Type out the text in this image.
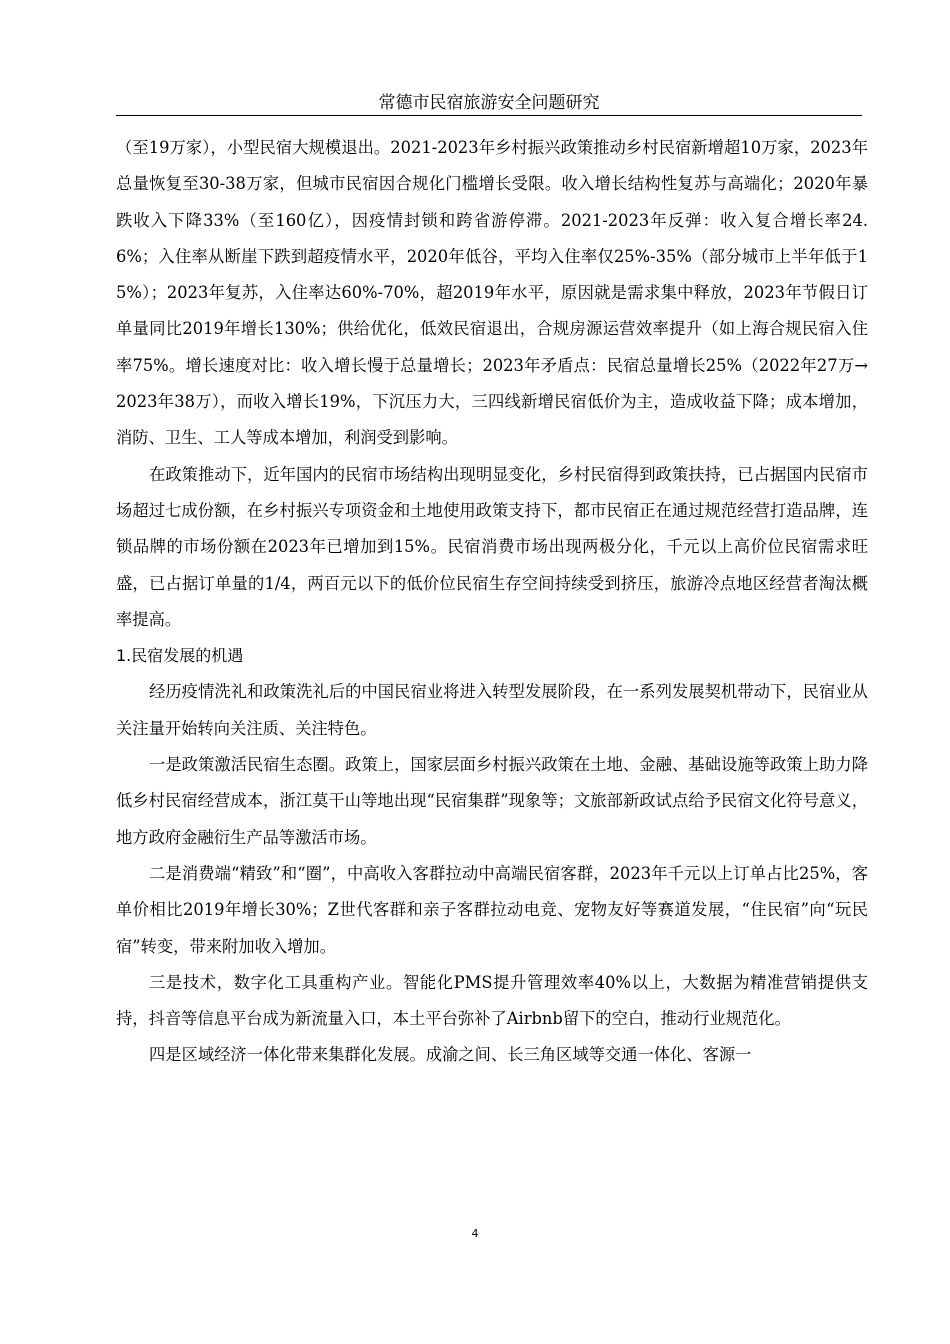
常德市民宿旅游安全问题研究

（至19万家），小型民宿大规模退出。2021-2023年乡村振兴政策推动乡村民宿新增超10万家，2023年总量恢复至30-38万家，但城市民宿因合规化门槛增长受限。收入增长结构性复苏与高端化；2020年暴跌收入下降33%（至160亿），因疫情封锁和跨省游停滞。2021-2023年反弹：收入复合增长率24.6%；入住率从断崖下跌到超疫情水平，2020年低谷，平均入住率仅25%-35%（部分城市上半年低于15%）；2023年复苏，入住率达60%-70%，超2019年水平，原因就是需求集中释放，2023年节假日订单量同比2019年增长130%；供给优化，低效民宿退出，合规房源运营效率提升（如上海合规民宿入住率75%。增长速度对比：收入增长慢于总量增长；2023年矛盾点：民宿总量增长25%（2022年27万→2023年38万），而收入增长19%，下沉压力大，三四线新增民宿低价为主，造成收益下降；成本增加，消防、卫生、工人等成本增加，利润受到影响。

在政策推动下，近年国内的民宿市场结构出现明显变化，乡村民宿得到政策扶持，已占据国内民宿市场超过七成份额，在乡村振兴专项资金和土地使用政策支持下，都市民宿正在通过规范经营打造品牌，连锁品牌的市场份额在2023年已增加到15%。民宿消费市场出现两极分化，千元以上高价位民宿需求旺盛，已占据订单量的1/4，两百元以下的低价位民宿生存空间持续受到挤压，旅游冷点地区经营者淘汰概率提高。

1.民宿发展的机遇

经历疫情洗礼和政策洗礼后的中国民宿业将进入转型发展阶段，在一系列发展契机带动下，民宿业从关注量开始转向关注质、关注特色。

一是政策激活民宿生态圈。政策上，国家层面乡村振兴政策在土地、金融、基础设施等政策上助力降低乡村民宿经营成本，浙江莫干山等地出现“民宿集群”现象等；文旅部新政试点给予民宿文化符号意义，地方政府金融衍生产品等激活市场。

二是消费端“精致”和“圈”，中高收入客群拉动中高端民宿客群，2023年千元以上订单占比25%，客单价相比2019年增长30%；Z世代客群和亲子客群拉动电竞、宠物友好等赛道发展，“住民宿”向“玩民宿”转变，带来附加收入增加。

三是技术，数字化工具重构产业。智能化PMS提升管理效率40%以上，大数据为精准营销提供支持，抖音等信息平台成为新流量入口，本土平台弥补了Airbnb留下的空白，推动行业规范化。

四是区域经济一体化带来集群化发展。成渝之间、长三角区域等交通一体化、客源一

4
